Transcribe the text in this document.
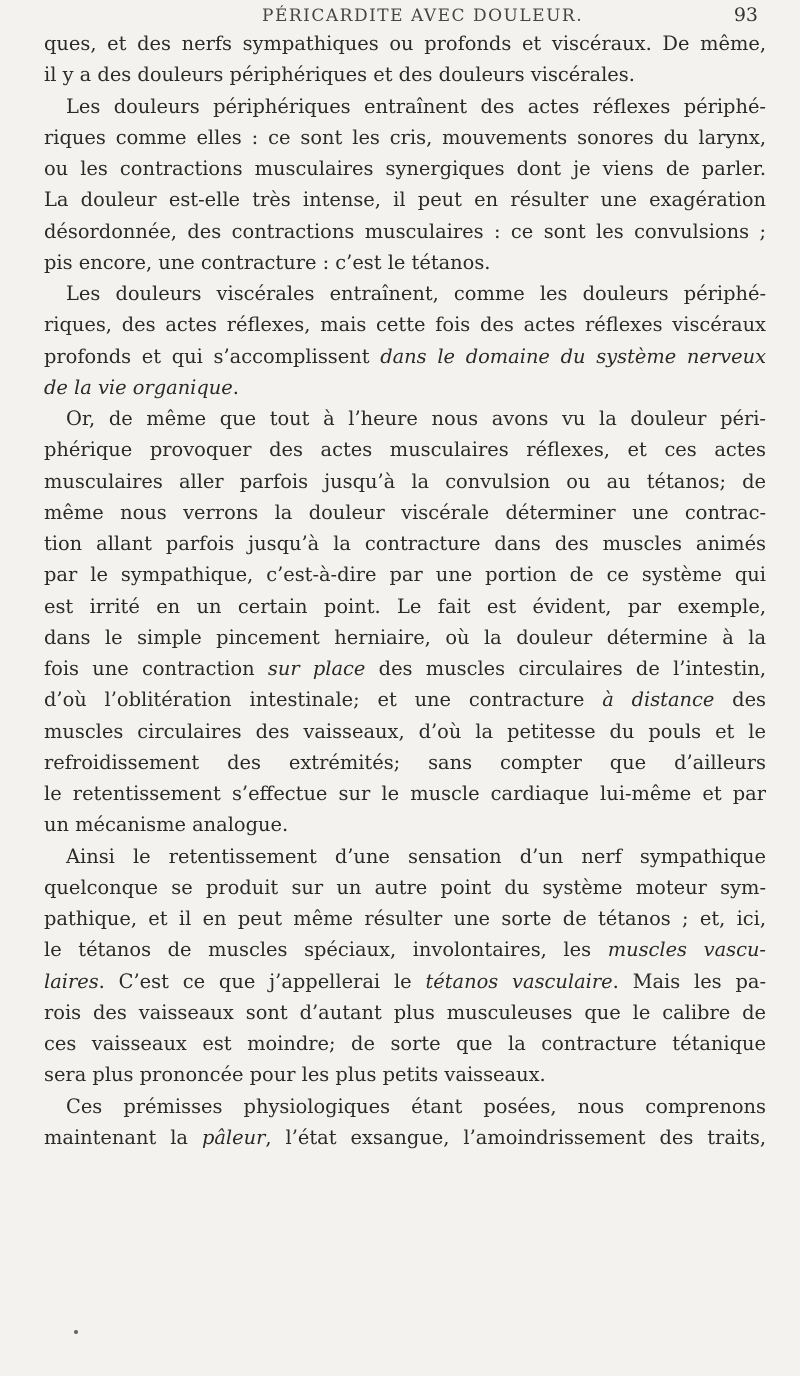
PÉRICARDITE AVEC DOULEUR.	93
ques, et des nerfs sympathiques ou profonds et viscéraux. De même,
il y a des douleurs périphériques et des douleurs viscérales.
Les douleurs périphériques entraînent des actes réflexes périphé-
riques comme elles : ce sont les cris, mouvements sonores du larynx,
ou les contractions musculaires synergiques dont je viens de parler.
La douleur est-elle très intense, il peut en résulter une exagération
désordonnée, des contractions musculaires : ce sont les convulsions ;
pis encore, une contracture : c’est le tétanos.
Les douleurs viscérales entraînent, comme les douleurs périphé-
riques, des actes réflexes, mais cette fois des actes réflexes viscéraux
profonds et qui s’accomplissent dans le domaine du système nerveux
de la vie organique.
Or, de même que tout à l’heure nous avons vu la douleur péri-
phérique provoquer des actes musculaires réflexes, et ces actes
musculaires aller parfois jusqu’à la convulsion ou au tétanos; de
même nous verrons la douleur viscérale déterminer une contrac-
tion allant parfois jusqu’à la contracture dans des muscles animés
par le sympathique, c’est-à-dire par une portion de ce système qui
est irrité en un certain point. Le fait est évident, par exemple,
dans le simple pincement herniaire, où la douleur détermine à la
fois une contraction sur place des muscles circulaires de l’intestin,
d’où l’oblitération intestinale; et une contracture à distance des
muscles circulaires des vaisseaux, d’où la petitesse du pouls et le
refroidissement des extrémités; sans compter que d’ailleurs
le retentissement s’effectue sur le muscle cardiaque lui-même et par
un mécanisme analogue.
Ainsi le retentissement d’une sensation d’un nerf sympathique
quelconque se produit sur un autre point du système moteur sym-
pathique, et il en peut même résulter une sorte de tétanos ; et, ici,
le tétanos de muscles spéciaux, involontaires, les muscles vascu-
laires. C’est ce que j’appellerai le tétanos vasculaire. Mais les pa-
rois des vaisseaux sont d’autant plus musculeuses que le calibre de
ces vaisseaux est moindre; de sorte que la contracture tétanique
sera plus prononcée pour les plus petits vaisseaux.
Ces prémisses physiologiques étant posées, nous comprenons
maintenant la pâleur, l’état exsangue, l’amoindrissement des traits,
